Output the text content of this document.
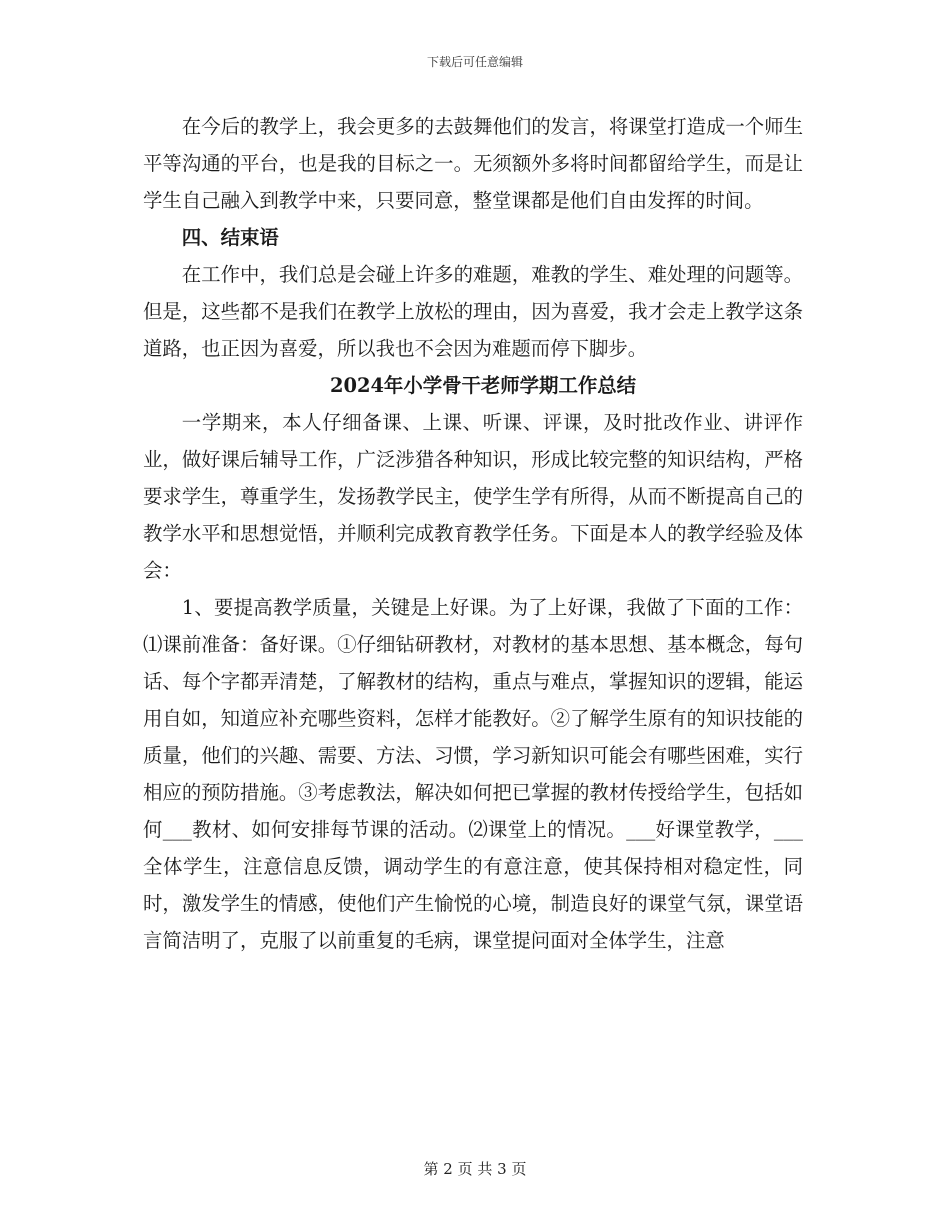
下载后可任意编辑

在今后的教学上，我会更多的去鼓舞他们的发言，将课堂打造成一个师生平等沟通的平台，也是我的目标之一。无须额外多将时间都留给学生，而是让学生自己融入到教学中来，只要同意，整堂课都是他们自由发挥的时间。

四、结束语

在工作中，我们总是会碰上许多的难题，难教的学生、难处理的问题等。但是，这些都不是我们在教学上放松的理由，因为喜爱，我才会走上教学这条道路，也正因为喜爱，所以我也不会因为难题而停下脚步。

2024年小学骨干老师学期工作总结

一学期来，本人仔细备课、上课、听课、评课，及时批改作业、讲评作业，做好课后辅导工作，广泛涉猎各种知识，形成比较完整的知识结构，严格要求学生，尊重学生，发扬教学民主，使学生学有所得，从而不断提高自己的教学水平和思想觉悟，并顺利完成教育教学任务。下面是本人的教学经验及体会：

1、要提高教学质量，关键是上好课。为了上好课，我做了下面的工作：⑴课前准备：备好课。①仔细钻研教材，对教材的基本思想、基本概念，每句话、每个字都弄清楚，了解教材的结构，重点与难点，掌握知识的逻辑，能运用自如，知道应补充哪些资料，怎样才能教好。②了解学生原有的知识技能的质量，他们的兴趣、需要、方法、习惯，学习新知识可能会有哪些困难，实行相应的预防措施。③考虑教法，解决如何把已掌握的教材传授给学生，包括如何___教材、如何安排每节课的活动。⑵课堂上的情况。___好课堂教学，___全体学生，注意信息反馈，调动学生的有意注意，使其保持相对稳定性，同时，激发学生的情感，使他们产生愉悦的心境，制造良好的课堂气氛，课堂语言简洁明了，克服了以前重复的毛病，课堂提问面对全体学生，注意

第 2 页 共 3 页
